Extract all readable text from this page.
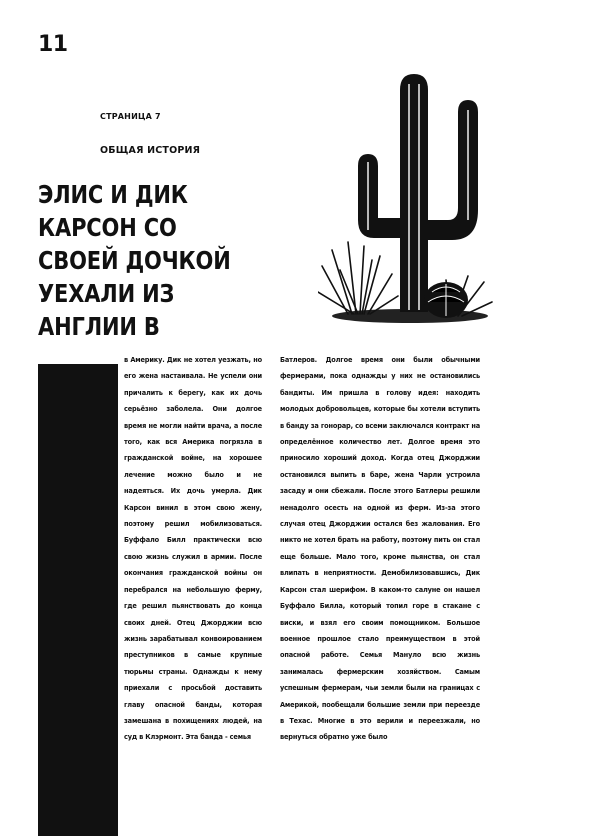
11
СТРАНИЦА 7
ОБЩАЯ ИСТОРИЯ
ЭЛИС И ДИК
КАРСОН СО
СВОЕЙ ДОЧКОЙ
УЕХАЛИ ИЗ
АНГЛИИ В

в Америку. Дик не хотел уезжать, но его жена настаивала. Не успели они причалить к берегу, как их дочь серьёзно заболела. Они долгое время не могли найти врача, а после того, как вся Америка погрязла в гражданской войне, на хорошее лечение можно было и не надеяться. Их дочь умерла. Дик Карсон винил в этом свою жену, поэтому решил мобилизоваться. Буффало Билл практически всю свою жизнь служил в армии. После окончания гражданской войны он перебрался на небольшую ферму, где решил пьянствовать до конца своих дней. Отец Джорджии всю жизнь зарабатывал конвоированием преступников в самые крупные тюрьмы страны. Однажды к нему приехали с просьбой доставить главу опасной банды, которая замешана в похищениях людей, на суд в Клэрмонт. Эта банда - семья

Батлеров. Долгое время они были обычными фермерами, пока однажды у них не остановились бандиты. Им пришла в голову идея: находить молодых добровольцев, которые бы хотели вступить в банду за гонорар, со всеми заключался контракт на определённое количество лет. Долгое время это приносило хороший доход. Когда отец Джорджии остановился выпить в баре, жена Чарли устроила засаду и они сбежали. После этого Батлеры решили ненадолго осесть на одной из ферм. Из-за этого случая отец Джорджии остался без жалования. Его никто не хотел брать на работу, поэтому пить он стал еще больше. Мало того, кроме пьянства, он стал влипать в неприятности. Демобилизовавшись, Дик Карсон стал шерифом. В каком-то салуне он нашел Буффало Билла, который топил горе в стакане с виски, и взял его своим помощником. Большое военное прошлое стало преимуществом в этой опасной работе. Семья Мануло всю жизнь занималась фермерским хозяйством. Самым успешным фермерам, чьи земли были на границах с Америкой, пообещали большие земли при переезде в Техас. Многие в это верили и переезжали, но вернуться обратно уже было
